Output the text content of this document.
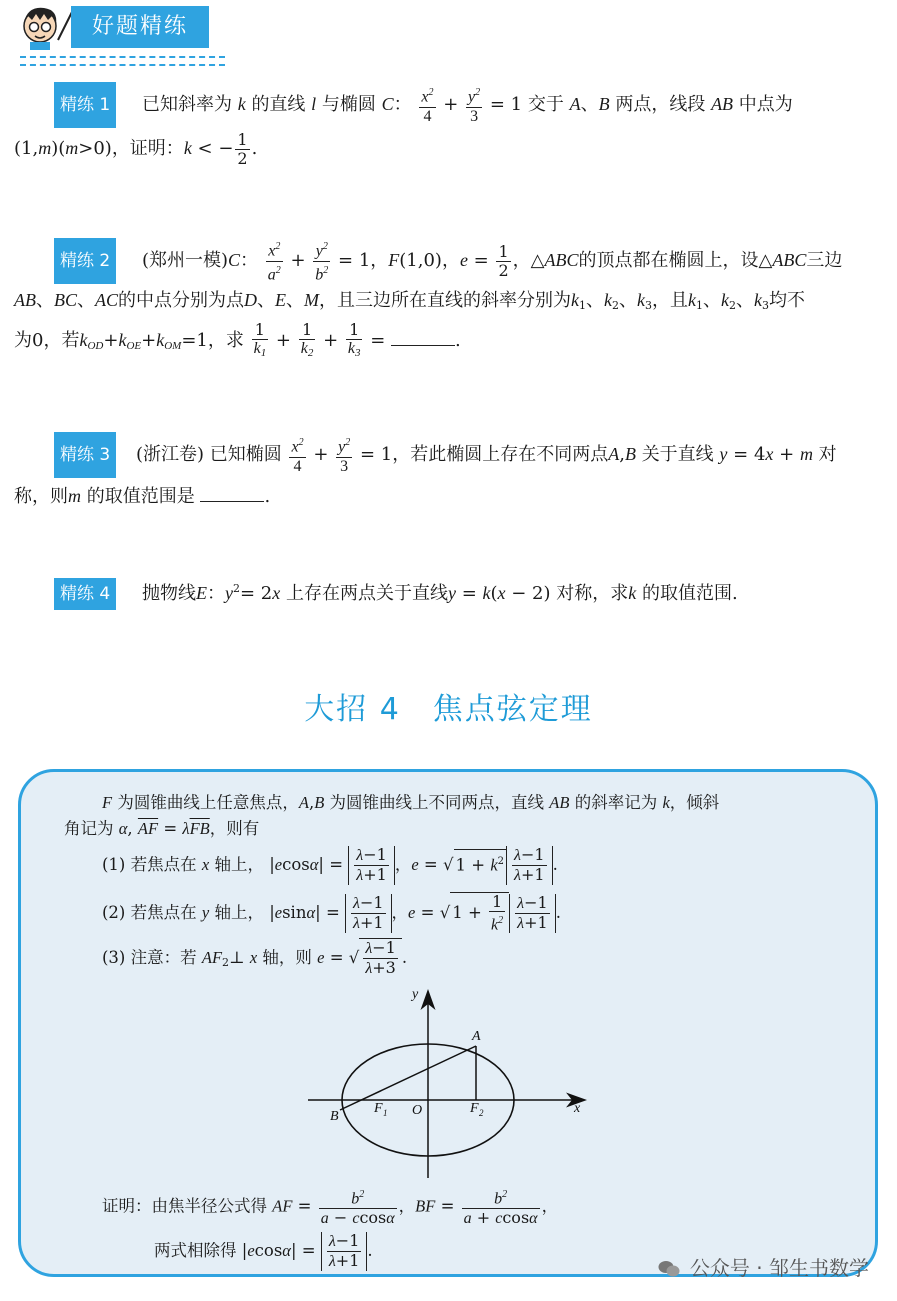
好题精练
精练 1 已知斜率为 k 的直线 l 与椭圆 C： $\frac{x^2}{4} + \frac{y^2}{3} = 1$ 交于 A、B 两点，线段 AB 中点为
(1,m)(m>0)，证明：k < − $\frac{1}{2}$ .
精练 2 (郑州一模)C： $\frac{x^2}{a^2} + \frac{y^2}{b^2} = 1$，F(1,0)，$e = \frac{1}{2}$ ，△ABC的顶点都在椭圆上，设△ABC三边
AB、BC、AC的中点分别为点D、E、M，且三边所在直线的斜率分别为$k_1$、$k_2$、$k_3$，且$k_1$、$k_2$、$k_3$均不
为0，若$k_{OD}+k_{OE}+k_{OM}=1$，求 $\frac{1}{k_1} + \frac{1}{k_2} + \frac{1}{k_3}$ =	.
精练 3 (浙江卷) 已知椭圆 $\frac{x^2}{4} + \frac{y^2}{3} = 1$，若此椭圆上存在不同两点A,B 关于直线 y = 4x + m 对
称，则m 的取值范围是	.
精练 4 抛物线E：$y^2= 2x$ 上存在两点关于直线y = k(x − 2) 对称，求k 的取值范围.
大招 4　焦点弦定理
F 为圆锥曲线上任意焦点，A,B 为圆锥曲线上不同两点，直线 AB 的斜率记为 k，倾斜
角记为 α, $\overline{AF} = \lambda\overline{FB}$，则有
(1) 若焦点在 x 轴上， $|ecos\alpha| = \frac{\lambda-1}{\lambda+1}$ ，e = √ $1 + k^2 \frac{\lambda-1}{\lambda+1}$ .
(2) 若焦点在 y 轴上， $|esin\alpha| = \frac{\lambda-1}{\lambda+1}$ ，e = √ $1 + \frac{1}{k^2} \frac{\lambda-1}{\lambda+1}$ .
(3) 注意：若 $AF_2\perp$ x 轴，则 e = √ $\frac{\lambda-1}{\lambda+3}$ .
y
x
A
B
F 1 O	F 2
证明：由焦半径公式得 AF = $\frac{b^2}{a - ccos\alpha}$ ，BF = $\frac{b^2}{a + ccos\alpha}$ ，
两式相除得 $|ecos\alpha| = \frac{\lambda-1}{\lambda+1}$ .
公众号 · 邹生书数学
